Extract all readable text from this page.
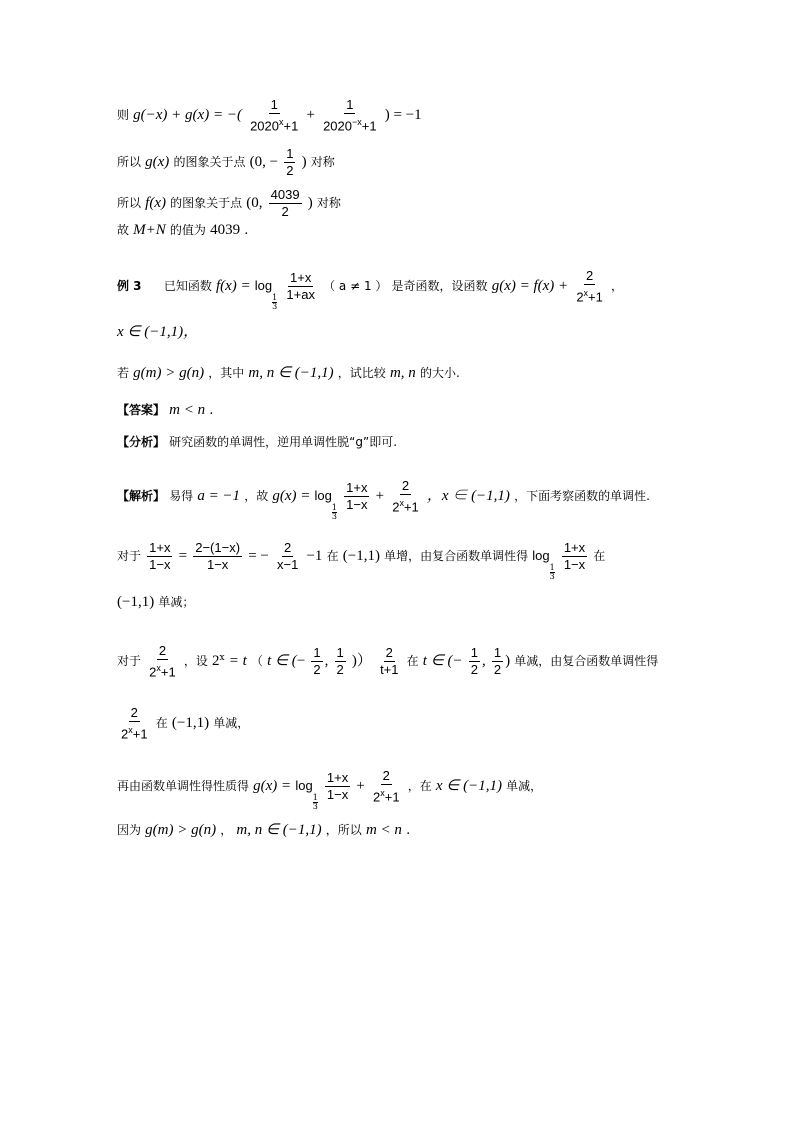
则 g(−x) + g(x) = −( $\frac{1}{2020^x+1} + \frac{1}{2020^{-x}+1}$ ) = −1
所以 g(x) 的图象关于点 (0, − $\frac{1}{2}$ ) 对称
所以 f(x) 的图象关于点 (0, $\frac{4039}{2}$ ) 对称
故 M+N 的值为 4039 .
例 3 已知函数 f(x) = log
$\frac{1}{3}$
$\frac{1+x}{1+ax}$ （ a ≠ 1 ） 是奇函数，设函数 $g(x) = f(x) + \frac{2}{2^x+1}$ ，
x ∈ (−1,1)，
若 g(m) > g(n) ，其中 m, n ∈ (−1,1) ，试比较 m, n 的大小.
【答案】 m < n .
【分析】 研究函数的单调性，逆用单调性脱“g”即可.
【解析】 易得 a = −1 ，故 g(x) = log
$\frac{1}{3}$
$\frac{1+x}{1-x} + \frac{2}{2^x+1}$ ，x ∈ (−1,1) ，下面考察函数的单调性.
对于 $\frac{1+x}{1-x} = \frac{2-(1-x)}{1-x}$ = − $\frac{2}{x-1} -1$ 在 (−1,1) 单增，由复合函数单调性得 log
$\frac{1}{3}$
$\frac{1+x}{1-x}$ 在
(−1,1) 单减；
对于 $\frac{2}{2^x+1}$ ，设 $2^x = t$ （ t ∈ (− $\frac{1}{2}$ , $\frac{1}{2}$ )） $\frac{2}{t+1}$ 在 t ∈ (− $\frac{1}{2}$ , $\frac{1}{2}$ ) 单减，由复合函数单调性得
$\frac{2}{2^x+1}$ 在 (−1,1) 单减，
再由函数单调性得性质得 g(x) = log
$\frac{1}{3}$
$\frac{1+x}{1-x} + \frac{2}{2^x+1}$ ，在 x ∈ (−1,1) 单减，
因为 g(m) > g(n) ， m, n ∈ (−1,1) ，所以 m < n .
